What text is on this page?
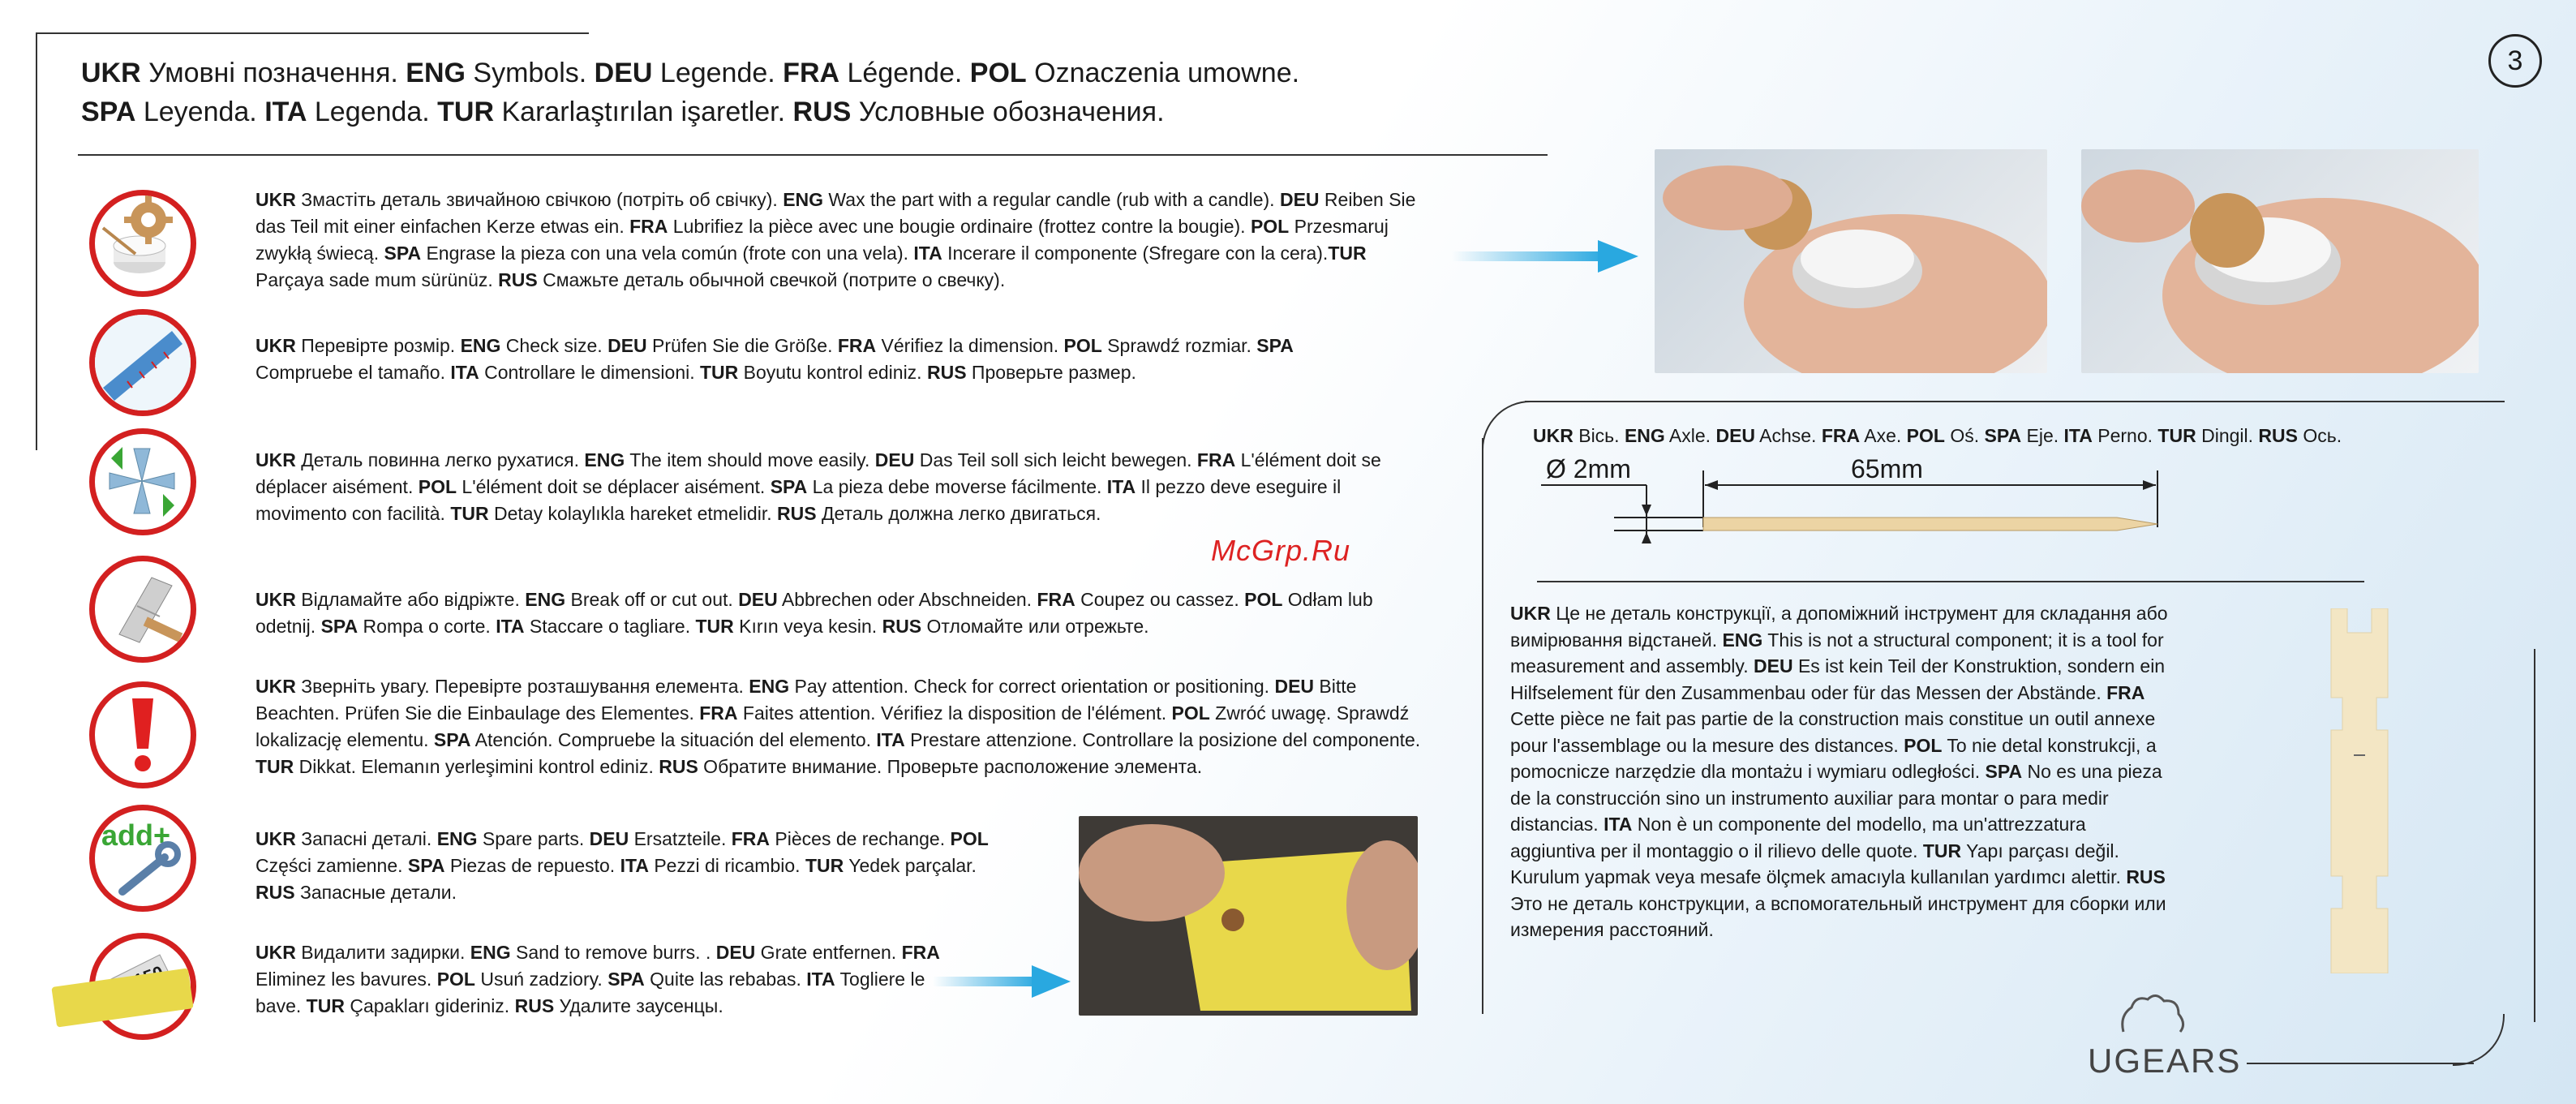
3
UKR Умовні позначення. ENG Symbols. DEU Legende. FRA Légende. POL Oznaczenia umowne.
SPA Leyenda. ITA Legenda. TUR Kararlaştırılan işaretler. RUS Условные обозначения.
add+
UKR Змастіть деталь звичайною свічкою (потріть об свічку). ENG Wax the part with a regular candle (rub with a candle). DEU Reiben Sie das Teil mit einer einfachen Kerze etwas ein. FRA Lubrifiez la pièce avec une bougie ordinaire (frottez contre la bougie). POL Przesmaruj zwykłą świecą. SPA Engrase la pieza con una vela común (frote con una vela). ITA Incerare il componente (Sfregare con la cera).TUR Parçaya sade mum sürünüz. RUS Смажьте деталь обычной свечкой (потрите о свечку).
UKR Перевірте розмір. ENG Check size. DEU Prüfen Sie die Größe. FRA Vérifiez la dimension. POL Sprawdź rozmiar. SPA Compruebe el tamaño. ITA Controllare le dimensioni. TUR Boyutu kontrol ediniz. RUS Проверьте размер.
UKR Деталь повинна легко рухатися. ENG The item should move easily. DEU Das Teil soll sich leicht bewegen. FRA L'élément doit se déplacer aisément. POL L'élément doit se déplacer aisément. SPA La pieza debe moverse fácilmente. ITA Il pezzo deve eseguire il movimento con facilità. TUR Detay kolaylıkla hareket etmelidir. RUS Деталь должна легко двигаться.
UKR Відламайте або відріжте. ENG Break off or cut out. DEU Abbrechen oder Abschneiden. FRA Coupez ou cassez. POL Odłam lub odetnij. SPA Rompa o corte. ITA Staccare o tagliare. TUR Kırın veya kesin. RUS Отломайте или отрежьте.
UKR Зверніть увагу. Перевірте розташування елемента. ENG Pay attention. Check for correct orientation or positioning. DEU Bitte Beachten. Prüfen Sie die Einbaulage des Elementes. FRA Faites attention. Vérifiez la disposition de l'élément. POL Zwróć uwagę. Sprawdź lokalizację elementu. SPA Atención. Compruebe la situación del elemento. ITA Prestare attenzione. Controllare la posizione del componente. TUR Dikkat. Elemanın yerleşimini kontrol ediniz. RUS Обратите внимание. Проверьте расположение элемента.
UKR Запасні деталі. ENG Spare parts. DEU Ersatzteile. FRA Pièces de rechange. POL Części zamienne. SPA Piezas de repuesto. ITA Pezzi di ricambio. TUR Yedek parçalar. RUS Запасные детали.
UKR Видалити задирки. ENG Sand to remove burrs. . DEU Grate entfernen. FRA Eliminez les bavures. POL Usuń zadziory. SPA Quite las rebabas. ITA Togliere le bave. TUR Çapakları gideriniz. RUS Удалите заусенцы.
McGrp.Ru
UKR Вісь. ENG Axle. DEU Achse. FRA Axe. POL Oś. SPA Eje. ITA Perno. TUR Dingil. RUS Ось.
Ø 2mm	65mm
UKR Це не деталь конструкції, а допоміжний інструмент для складання або вимірювання відстаней. ENG This is not a structural component; it is a tool for measurement and assembly. DEU Es ist kein Teil der Konstruktion, sondern ein Hilfselement für den Zusammenbau oder für das Messen der Abstände. FRA Cette pièce ne fait pas partie de la construction mais constitue un outil annexe pour l'assemblage ou la mesure des distances. POL To nie detal konstrukcji, a pomocnicze narzędzie dla montażu i wymiaru odległości. SPA No es una pieza de la construcción sino un instrumento auxiliar para montar o para medir distancias. ITA Non è un componente del modello, ma un'attrezzatura aggiuntiva per il montaggio o il rilievo delle quote. TUR Yapı parçası değil. Kurulum yapmak veya mesafe ölçmek amacıyla kullanılan yardımcı alettir. RUS Это не деталь конструкции, а вспомогательный инструмент для сборки или измерения расстояний.
UGEARS
